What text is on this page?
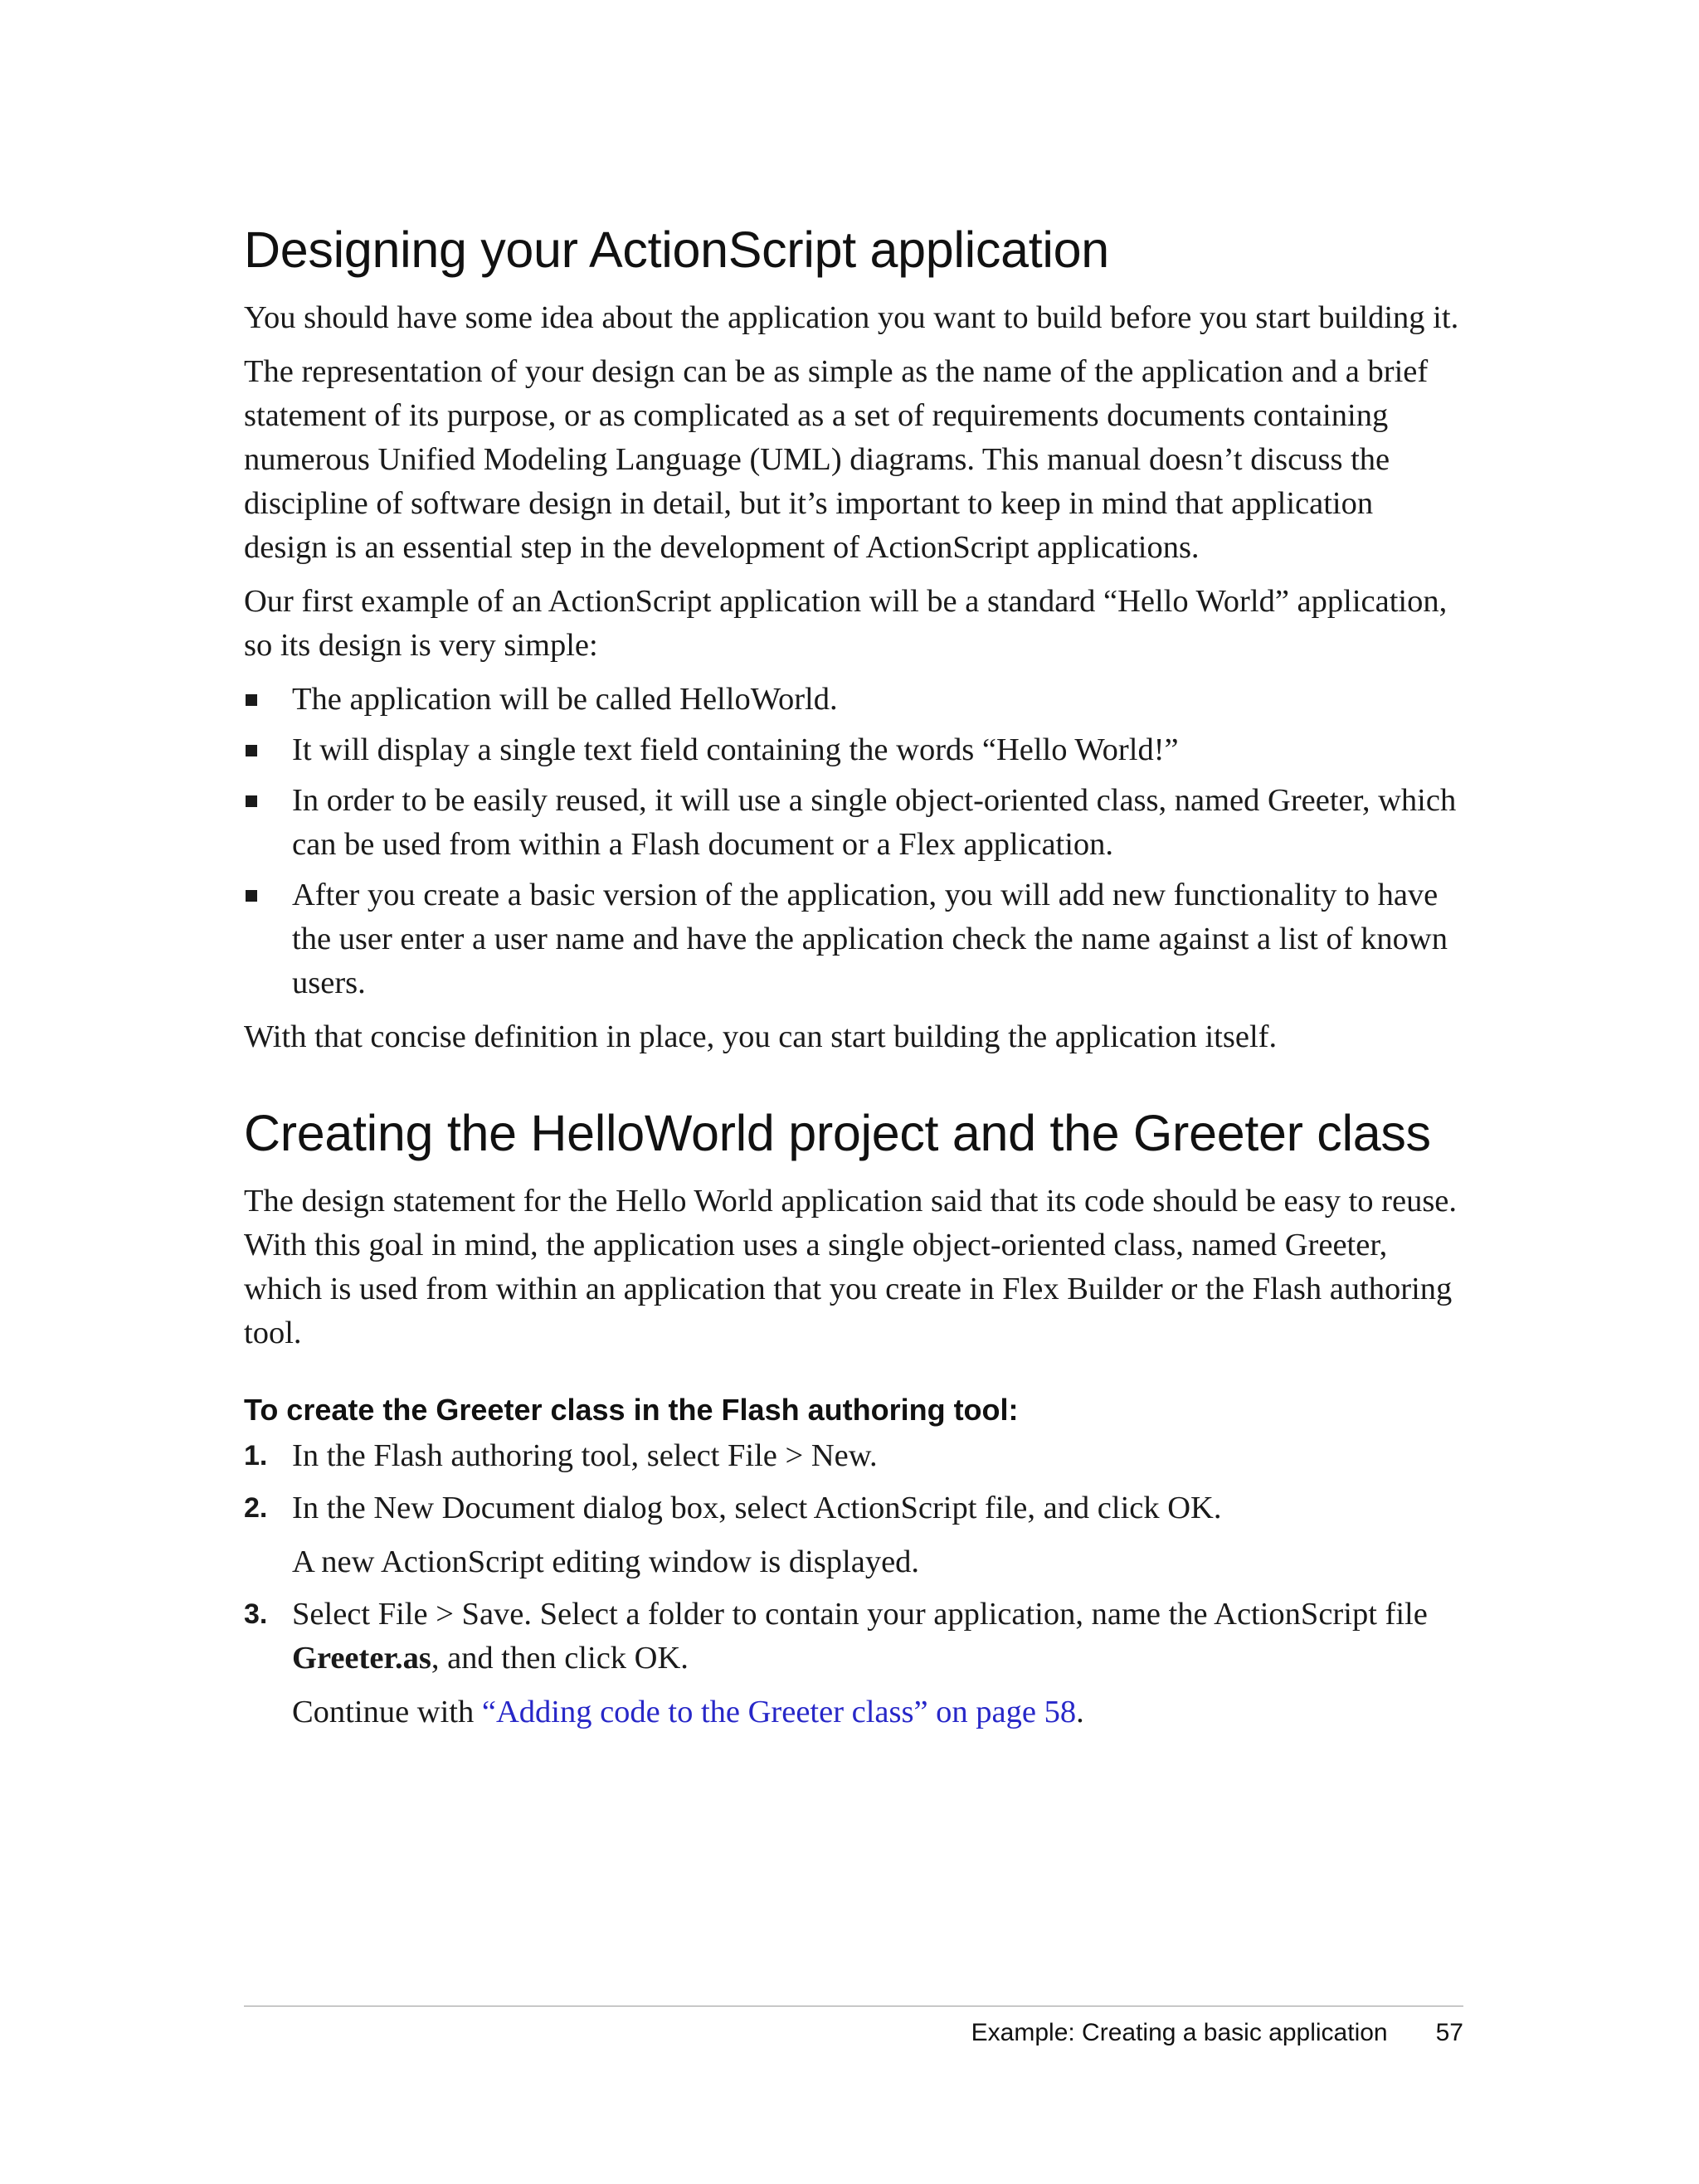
Designing your ActionScript application

You should have some idea about the application you want to build before you start building it.

The representation of your design can be as simple as the name of the application and a brief statement of its purpose, or as complicated as a set of requirements documents containing numerous Unified Modeling Language (UML) diagrams. This manual doesn’t discuss the discipline of software design in detail, but it’s important to keep in mind that application design is an essential step in the development of ActionScript applications.

Our first example of an ActionScript application will be a standard “Hello World” application, so its design is very simple:

The application will be called HelloWorld.
It will display a single text field containing the words “Hello World!”
In order to be easily reused, it will use a single object-oriented class, named Greeter, which can be used from within a Flash document or a Flex application.
After you create a basic version of the application, you will add new functionality to have the user enter a user name and have the application check the name against a list of known users.

With that concise definition in place, you can start building the application itself.

Creating the HelloWorld project and the Greeter class

The design statement for the Hello World application said that its code should be easy to reuse. With this goal in mind, the application uses a single object-oriented class, named Greeter, which is used from within an application that you create in Flex Builder or the Flash authoring tool.

To create the Greeter class in the Flash authoring tool:
1. In the Flash authoring tool, select File > New.
2. In the New Document dialog box, select ActionScript file, and click OK.
A new ActionScript editing window is displayed.
3. Select File > Save. Select a folder to contain your application, name the ActionScript file Greeter.as, and then click OK.
Continue with “Adding code to the Greeter class” on page 58.
Example: Creating a basic application 57
